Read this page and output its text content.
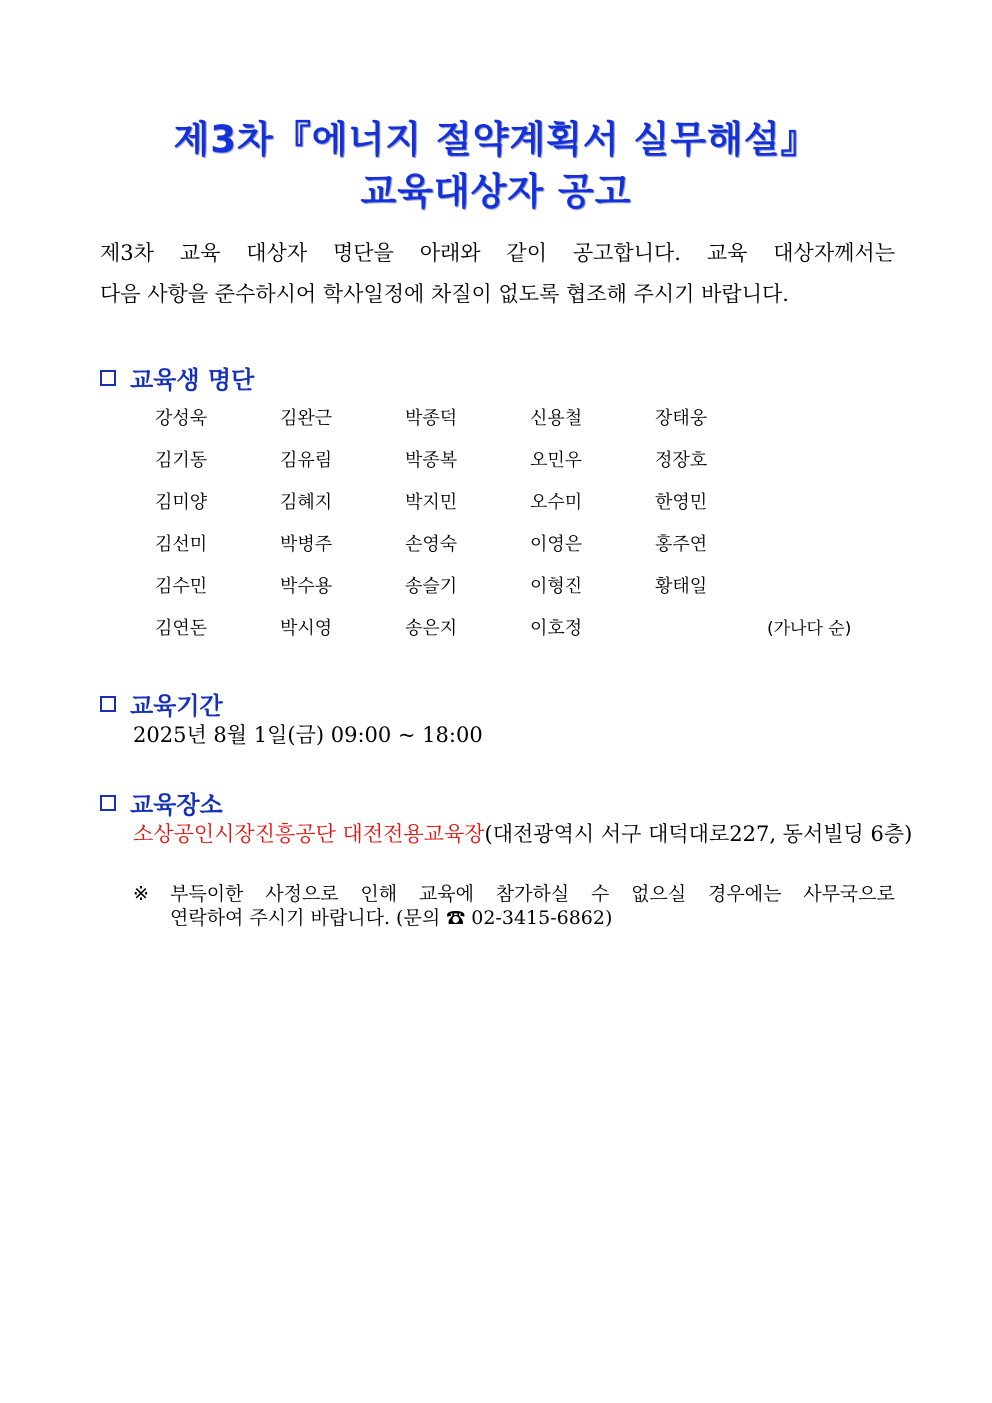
제3차『에너지 절약계획서 실무해설』
교육대상자 공고

제3차 교육 대상자 명단을 아래와 같이 공고합니다. 교육 대상자께서는

다음 사항을 준수하시어 학사일정에 차질이 없도록 협조해 주시기 바랍니다.

교육생 명단
강성욱	김완근	박종덕	신용철	장태웅
김기동	김유림	박종복	오민우	정장호
김미양	김혜지	박지민	오수미	한영민
김선미	박병주	손영숙	이영은	홍주연
김수민	박수용	송슬기	이형진	황태일
김연돈	박시영	송은지	이호정	(가나다 순)
교육기간
2025년 8월 1일(금) 09:00 ~ 18:00
교육장소
소상공인시장진흥공단 대전전용교육장(대전광역시 서구 대덕대로227, 동서빌딩 6층)
※	부득이한 사정으로 인해 교육에 참가하실 수 없으실 경우에는 사무국으로
연락하여 주시기 바랍니다. (문의 ☎ 02-3415-6862)
